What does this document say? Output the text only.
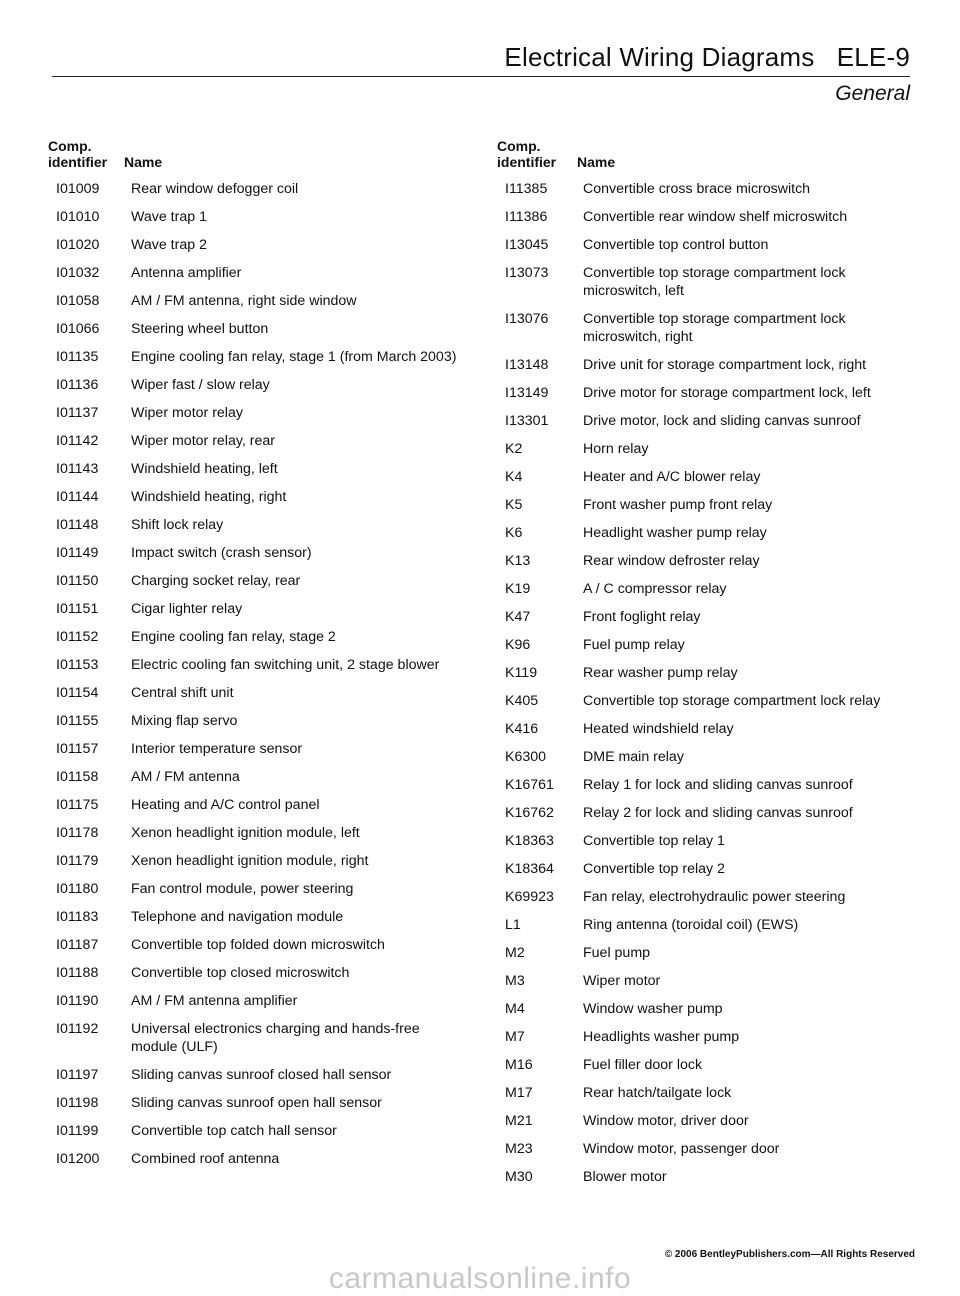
Electrical Wiring Diagrams   ELE-9
General
Comp.
identifier Name
I01009 Rear window defogger coil
I01010 Wave trap 1
I01020 Wave trap 2
I01032 Antenna amplifier
I01058 AM / FM antenna, right side window
I01066 Steering wheel button
I01135 Engine cooling fan relay, stage 1 (from March 2003)
I01136 Wiper fast / slow relay
I01137 Wiper motor relay
I01142 Wiper motor relay, rear
I01143 Windshield heating, left
I01144 Windshield heating, right
I01148 Shift lock relay
I01149 Impact switch (crash sensor)
I01150 Charging socket relay, rear
I01151 Cigar lighter relay
I01152 Engine cooling fan relay, stage 2
I01153 Electric cooling fan switching unit, 2 stage blower
I01154 Central shift unit
I01155 Mixing flap servo
I01157 Interior temperature sensor
I01158 AM / FM antenna
I01175 Heating and A/C control panel
I01178 Xenon headlight ignition module, left
I01179 Xenon headlight ignition module, right
I01180 Fan control module, power steering
I01183 Telephone and navigation module
I01187 Convertible top folded down microswitch
I01188 Convertible top closed microswitch
I01190 AM / FM antenna amplifier
I01192 Universal electronics charging and hands-free module (ULF)
I01197 Sliding canvas sunroof closed hall sensor
I01198 Sliding canvas sunroof open hall sensor
I01199 Convertible top catch hall sensor
I01200 Combined roof antenna
Comp.
identifier Name
I11385	Convertible cross brace microswitch
I11386	Convertible rear window shelf microswitch
I13045 Convertible top control button
I13073 Convertible top storage compartment lock microswitch, left
I13076 Convertible top storage compartment lock microswitch, right
I13148 Drive unit for storage compartment lock, right
I13149 Drive motor for storage compartment lock, left
I13301 Drive motor, lock and sliding canvas sunroof
K2	Horn relay
K4	Heater and A/C blower relay
K5	Front washer pump front relay
K6	Headlight washer pump relay
K13	Rear window defroster relay
K19	A / C compressor relay
K47	Front foglight relay
K96	Fuel pump relay
K119	Rear washer pump relay
K405	Convertible top storage compartment lock relay
K416	Heated windshield relay
K6300	DME main relay
K16761 Relay 1 for lock and sliding canvas sunroof
K16762 Relay 2 for lock and sliding canvas sunroof
K18363 Convertible top relay 1
K18364 Convertible top relay 2
K69923 Fan relay, electrohydraulic power steering
L1	Ring antenna (toroidal coil) (EWS)
M2	Fuel pump
M3	Wiper motor
M4	Window washer pump
M7	Headlights washer pump
M16	Fuel filler door lock
M17	Rear hatch/tailgate lock
M21	Window motor, driver door
M23	Window motor, passenger door
M30	Blower motor
© 2006 BentleyPublishers.com—All Rights Reserved
carmanualsonline.info
